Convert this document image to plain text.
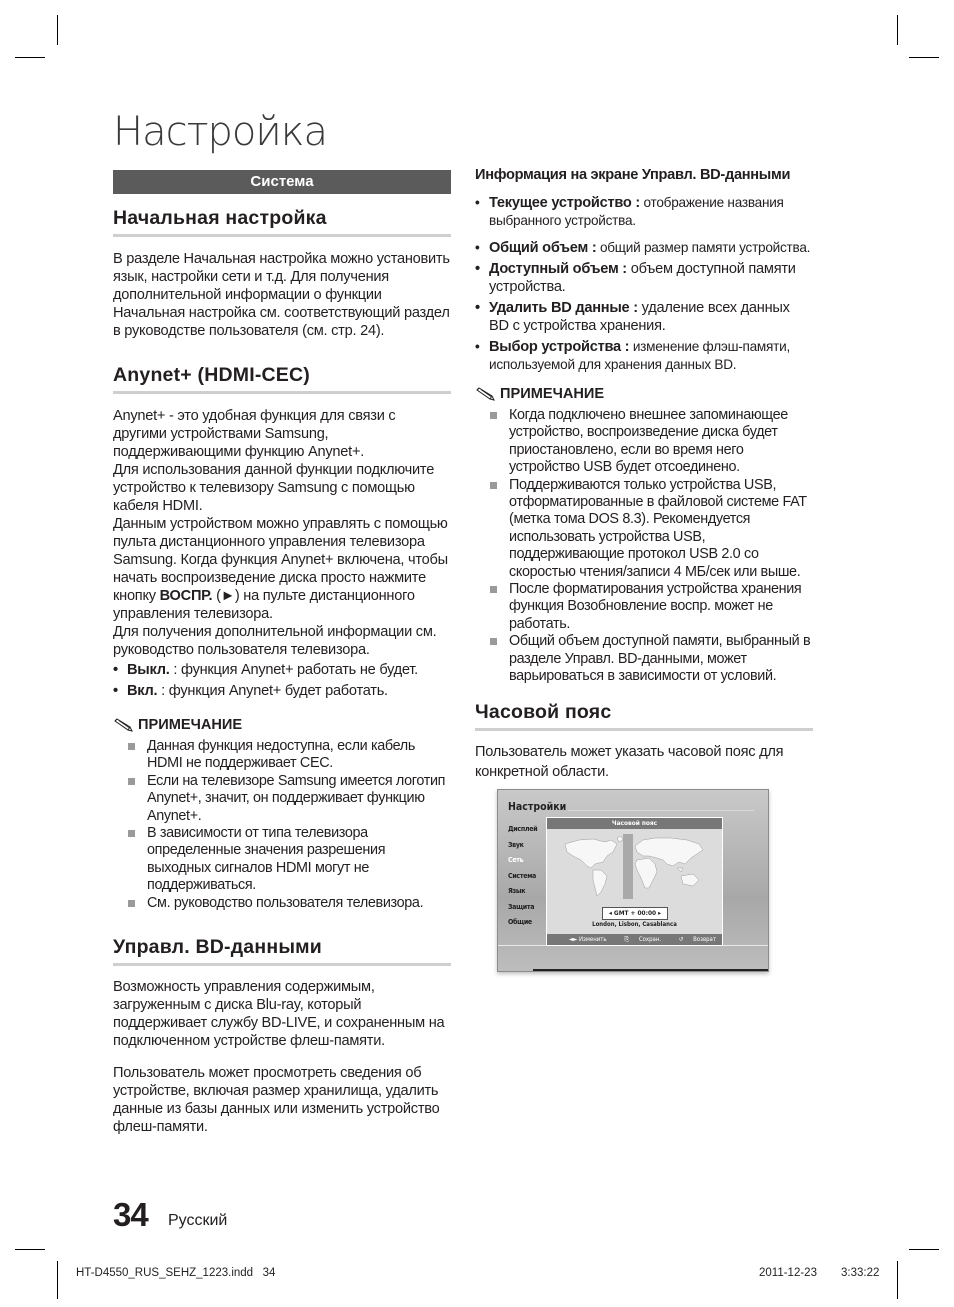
Настройка
Система
Начальная настройка

В разделе Начальная настройка можно установить язык, настройки сети и т.д. Для получения дополнительной информации о функции Начальная настройка см. соответствующий раздел в руководстве пользователя (см. стр. 24).

Anynet+ (HDMI-CEC)

Anynet+ - это удобная функция для связи с другими устройствами Samsung, поддерживающими функцию Anynet+.

Для использования данной функции подключите устройство к телевизору Samsung с помощью кабеля HDMI.

Данным устройством можно управлять с помощью пульта дистанционного управления телевизора Samsung. Когда функция Anynet+ включена, чтобы начать воспроизведение диска просто нажмите кнопку ВОСПР. (►) на пульте дистанционного управления телевизора.

Для получения дополнительной информации см. руководство пользователя телевизора.

• Выкл. : функция Anynet+ работать не будет.
• Вкл. : функция Anynet+ будет работать.
ПРИМЕЧАНИЕ
Данная функция недоступна, если кабель HDMI не поддерживает CEC.
Если на телевизоре Samsung имеется логотип Anynet+, значит, он поддерживает функцию Anynet+.
В зависимости от типа телевизора определенные значения разрешения выходных сигналов HDMI могут не поддерживаться.
См. руководство пользователя телевизора.
Управл. BD-данными

Возможность управления содержимым, загруженным с диска Blu-ray, который поддерживает службу BD-LIVE, и сохраненным на подключенном устройстве флеш-памяти.

Пользователь может просмотреть сведения об устройстве, включая размер хранилища, удалить данные из базы данных или изменить устройство флеш-памяти.

Информация на экране Управл. BD-данными
• Текущее устройство : отображение названия выбранного устройства.
• Общий объем : общий размер памяти устройства.
• Доступный объем : объем доступной памяти устройства.
• Удалить BD данные : удаление всех данных BD с устройства хранения.
• Выбор устройства : изменение флэш-памяти, используемой для хранения данных BD.
ПРИМЕЧАНИЕ
Когда подключено внешнее запоминающее устройство, воспроизведение диска будет приостановлено, если во время него устройство USB будет отсоединено.
Поддерживаются только устройства USB, отформатированные в файловой системе FAT (метка тома DOS 8.3). Рекомендуется использовать устройства USB, поддерживающие протокол USB 2.0 со скоростью чтения/записи 4 МБ/сек или выше.
После форматирования устройства хранения функция Возобновление воспр. может не работать.
Общий объем доступной памяти, выбранный в разделе Управл. BD-данными, может варьироваться в зависимости от условий.
Часовой пояс

Пользователь может указать часовой пояс для конкретной области.

Настройки
Дисплей
Звук
Сеть
Система
Язык
Защита
Общие
Часовой пояс
◂ GMT + 00:00 ▸
London, Lisbon, Casablanca
◄► Изменить	⎘ Сохран.	↺ Возврат
34 Русский
HT-D4550_RUS_SEHZ_1223.indd   34	2011-12-23 3:33:22
